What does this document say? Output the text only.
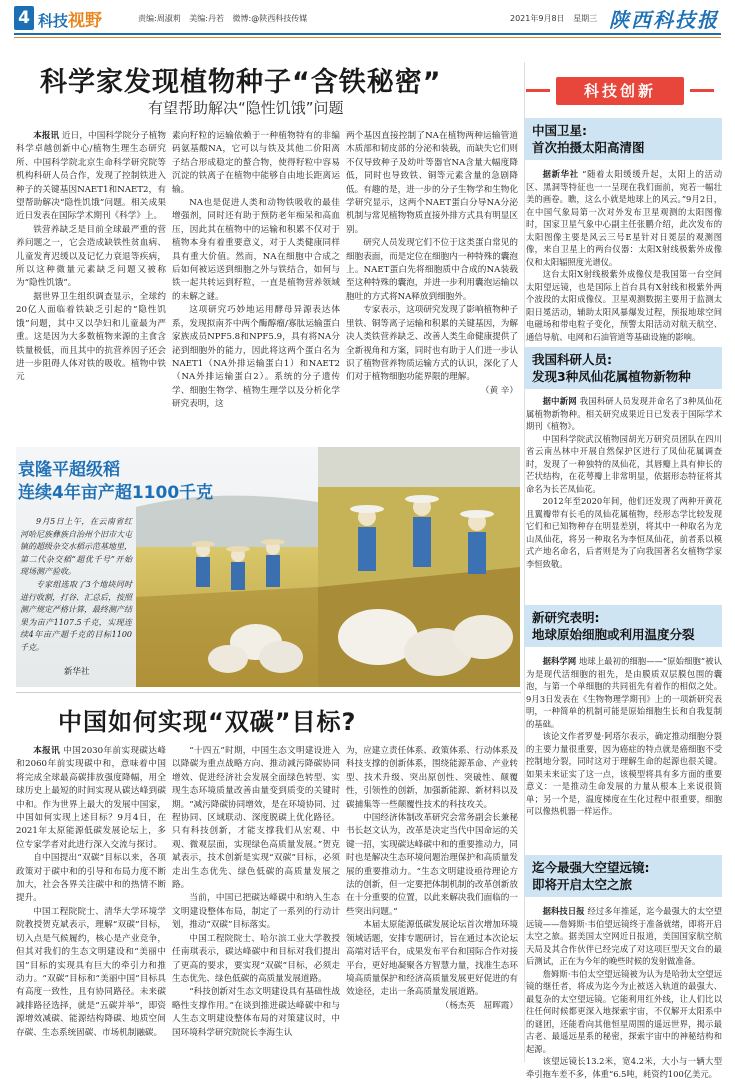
4 科技视野	责编:周淑莉 美编:丹若 微博:@陕西科技传媒	2021年9月8日 星期三 陕西科技报
科学家发现植物种子“含铁秘密”
有望帮助解决“隐性饥饿”问题

本报讯 近日，中国科学院分子植物科学卓越创新中心/植物生理生态研究所、中国科学院北京生命科学研究院等机构科研人员合作，发现了控制铁进入种子的关键基因NAET1和NAET2，有望帮助解决“隐性饥饿”问题。相关成果近日发表在国际学术期刊《科学》上。

铁营养缺乏是目前全球最严重的营养问题之一，它会造成缺铁性贫血病、儿童发育迟缓以及记忆力衰退等疾病，所以这种微量元素缺乏问题又被称为“隐性饥饿”。

据世界卫生组织调查显示，全球约20亿人面临着铁缺乏引起的“隐性饥饿”问题，其中又以孕妇和儿童最为严重。这是因为大多数植物来源的主食含铁量极低，而且其中的抗营养因子还会进一步阻碍人体对铁的吸收。植物中铁元

素向籽粒的运输依赖于一种植物特有的非编码氨基酸NA，它可以与铁及其他二价阳离子结合形成稳定的螯合物，使得籽粒中容易沉淀的铁离子在植物中能够自由地长距离运输。

NA也是促进人类和动物铁吸收的最佳增强剂，同时还有助于预防老年痴呆和高血压，因此其在植物中的运输和积累不仅对于植物本身有着重要意义，对于人类健康同样具有重大价值。然而，NA在细胞中合成之后如何被运送到细胞之外与铁结合，如何与铁一起共转运到籽粒，一直是植物营养领域的未解之谜。

这项研究巧妙地运用酵母异源表达体系，发现拟南芥中两个酶醇瘤/寡肽运输蛋白家族成员NPF5.8和NPF5.9，具有将NA分泌到细胞外的能力，因此将这两个蛋白名为NAET1（NA外排运输蛋白1）和NAET2（NA外排运输蛋白2）。系统的分子遗传学、细胞生物学、植物生理学以及分析化学研究表明，这

两个基因直接控制了NA在植物两种运输管道木质部和韧皮部的分泌和装载，而缺失它们则不仅导致种子及幼叶等器官NA含量大幅度降低，同时也导致铁、铜等元素含量的急剧降低。有趣的是，进一步的分子生物学和生物化学研究显示，这两个NAET蛋白分导NA分泌机制与常见植物物质直接外排方式具有明显区别。

研究人员发现它们不位于这类蛋白常见的细胞表面，而是定位在细胞内一种特殊的囊泡上。NAET蛋白先将细胞质中合成的NA装载至这种特殊的囊泡，并进一步利用囊泡运输以胞吐的方式将NA释放到细胞外。

专家表示，这项研究发现了影响植物种子里铁、铜等离子运输和积累的关键基因，为解决人类铁营养缺乏、改善人类生命健康提供了全新视角和方案，同时也有助于人们进一步认识了植物营养物质运输方式的认识，深化了人们对于植物细胞功能界限的理解。

（黄 辛）

袁隆平超级稻
连续4年亩产超1100千克

9月5日上午，在云南省红河哈尼族彝族自治州个旧市大屯镇的超级杂交水稻示范基地里，第二代杂交稻“超优千号”开始现场测产验收。

专家组选取了3个地块同时进行收割，打谷、汇总后，按照测产规定严格计算，最终测产结果为亩产1107.5千克，实现连续4年亩产超千克的目标1100千克。

新华社
中国如何实现“双碳”目标?

本报讯 中国2030年前实现碳达峰和2060年前实现碳中和，意味着中国将完成全球最高碳排放强度降幅，用全球历史上最短的时间实现从碳达峰到碳中和。作为世界上最大的发展中国家，中国如何实现上述目标？9月4日，在2021年太原能源低碳发展论坛上，多位专家学者对此进行深入交流与探讨。

自中国提出“双碳”目标以来，各项政策对于碳中和的引导和布局力度不断加大，社会各界关注碳中和的热情不断提升。

中国工程院院士、清华大学环境学院教授贺克斌表示，理解“双碳”目标，切入点是气候履约，核心是产业竞争，但其对我们的生态文明建设和“美丽中国”目标的实现具有巨大的牵引力和推动力。“双碳”目标和“美丽中国”目标具有高度一致性，且有协同路径。未来碳减排路径选择，就是“五碳并举”，即资源增效减碳、能源结构降碳、地质空间存碳、生态系统固碳、市场机制融碳。

“十四五”时期，中国生态文明建设进入以降碳为重点战略方向、推动减污降碳协同增效、促进经济社会发展全面绿色转型、实现生态环境质量改善由量变到质变的关键时期。“减污降碳协同增效，是在环境协同、过程协同、区域联动、深度脱碳上优化路径。只有科技创新，才能支撑我们从宏观、中观、微观层面，实现绿色高质量发展。”贺克斌表示，技术创新是实现“双碳”目标，必须走出生态优先、绿色低碳的高质量发展之路。

当前，中国已把碳达峰碳中和纳入生态文明建设整体布局，制定了一系列的行动计划，推动“双碳”目标落实。

中国工程院院士、哈尔滨工业大学教授任南琪表示，碳达峰碳中和目标对我们提出了更高的要求，要实现“双碳”目标，必须走生态优先、绿色低碳的高质量发展道路。

“科技创新对生态文明建设具有基础性战略性支撑作用。”在谈到推进碳达峰碳中和与人生态文明建设整体布局的对策建议时，中国环境科学研究院院长李海生认

为，应建立责任体系、政策体系、行动体系及科技支撑的创新体系，围绕能源革命、产业转型、技术升级、突出原创性、突破性、颠覆性，引领性的创新，加强新能源、新材料以及碳捕集等一些颠覆性技术的科技攻关。

中国经济体制改革研究会常务副会长兼秘书长赵文认为，改革是决定当代中国命运的关键一招，实现碳达峰碳中和的重要推动力，同时也是解决生态环境问题治理保护和高质量发展的重要推动力。“生态文明建设亟待理论方法的创新，但一定要把体制机制的改革创新放在十分重要的位置，以此来解决我们面临的一些突出问题。”

本届太原能源低碳发展论坛首次增加环境领域话题，安排专题研讨，旨在通过本次论坛高端对话平台，成果发布平台和国际合作对接平台，更好地凝聚各方智慧力量，找准生态环境高质量保护和经济高质量发展更好促进的有效途径，走出一条高质量发展道路。

（杨杰英　屈晖霞）

科技创新
中国卫星:
首次拍摄太阳高清图

据新华社 “随着太阳缓缓升起，太阳上的活动区、黑洞等特征也一一呈现在我们面前，宛若一幅壮美的画卷。瞧，这么小就是地球上的风云。”9月2日，在中国气象局第一次对外发布卫星观测的太阳图像时，国家卫星气象中心副主任张鹏介绍，此次发布的太阳图像主要是风云三号E星针对日冕层的观测图像，来自卫星上的两台仪器：太阳X射线极紫外成像仪和太阳辐照度光谱仪。

这台太阳X射线极紫外成像仪是我国第一台空间太阳望远镜，也是国际上首台具有X射线和极紫外两个波段的太阳成像仪。卫星观测数据主要用于监测太阳日冕活动，辅助太阳风暴爆发过程，预报地球空间电磁场和带电粒子变化，预警太阳活动对航天航空、通信导航、电网和石油管道等基础设施的影响。

我国科研人员:
发现3种凤仙花属植物新物种

据中新网 我国科研人员发现并命名了3种凤仙花属植物新物种。相关研究成果近日已发表于国际学术期刊《植物》。

中国科学院武汉植物园胡光万研究员团队在四川省云南丛林中开展自然保护区进行了凤仙花属调查时，发现了一种独特的凤仙花，其唇瓣上具有伸长的芒状结构，在花萼瓣上非常明显，依据形态特征将其命名为长芒凤仙花。

2012年至2020年间，他们还发现了两种开黄花且翼瓣带有长毛的凤仙花属植物，经形态学比较发现它们和已知物种存在明显差别，将其中一种取名为龙山凤仙花，将另一种取名为李恒凤仙花，前者系以模式产地名命名，后者则是为了向我国著名女植物学家李恒致敬。

新研究表明:
地球原始细胞或利用温度分裂

据科学网 地球上最初的细胞——“原始细胞”被认为是现代活细胞的祖先，是由膜质双层膜包围的囊泡，与第一个单细胞的共同祖先有着作的相似之处。9月3日发表在《生物物理学期刊》上的一项新研究表明，一种简单的机制可能是原始细胞生长和自我复制的基础。

该论文作者罗曼·阿塔尔表示，确定推动细胞分裂的主要力量很重要，因为癌症的特点就是癌细胞不受控制地分裂，同时这对于理解生命的起源也很关键。如果未来证实了这一点，该模型将具有多方面的重要意义：一是推动生命发展的力量从根本上来说很简单；另一个是，温度梯度在生化过程中很重要，细胞可以像热机器一样运作。

迄今最强大空望远镜:
即将开启太空之旅

据科技日报 经过多年推延，迄今最强大的太空望远镜——詹姆斯·韦伯望远镜终于准备就绪，即将开启太空之旅。据美国太空网近日报道，美国国家航空航天局及其合作伙伴已经完成了对这项巨型天文台的最后测试，正在为今年的晚些时候的发射做准备。

詹姆斯·韦伯太空望远镜被为认为是哈勃太空望远镜的继任者，将成为迄今为止被送入轨道的最强大、最复杂的太空望远镜。它能利用红外线，让人们比以往任何时候都更深入地探索宇宙，不仅解开太阳系中的谜团，还能看向其他恒星周围的遥远世界，揭示最古老、最遥远星系的秘密，探索宇宙中的神秘结构和起源。

该望远镜长13.2米，宽4.2米，大小与一辆大型牵引拖车差不多，体重“6.5吨，耗资约100亿美元。
